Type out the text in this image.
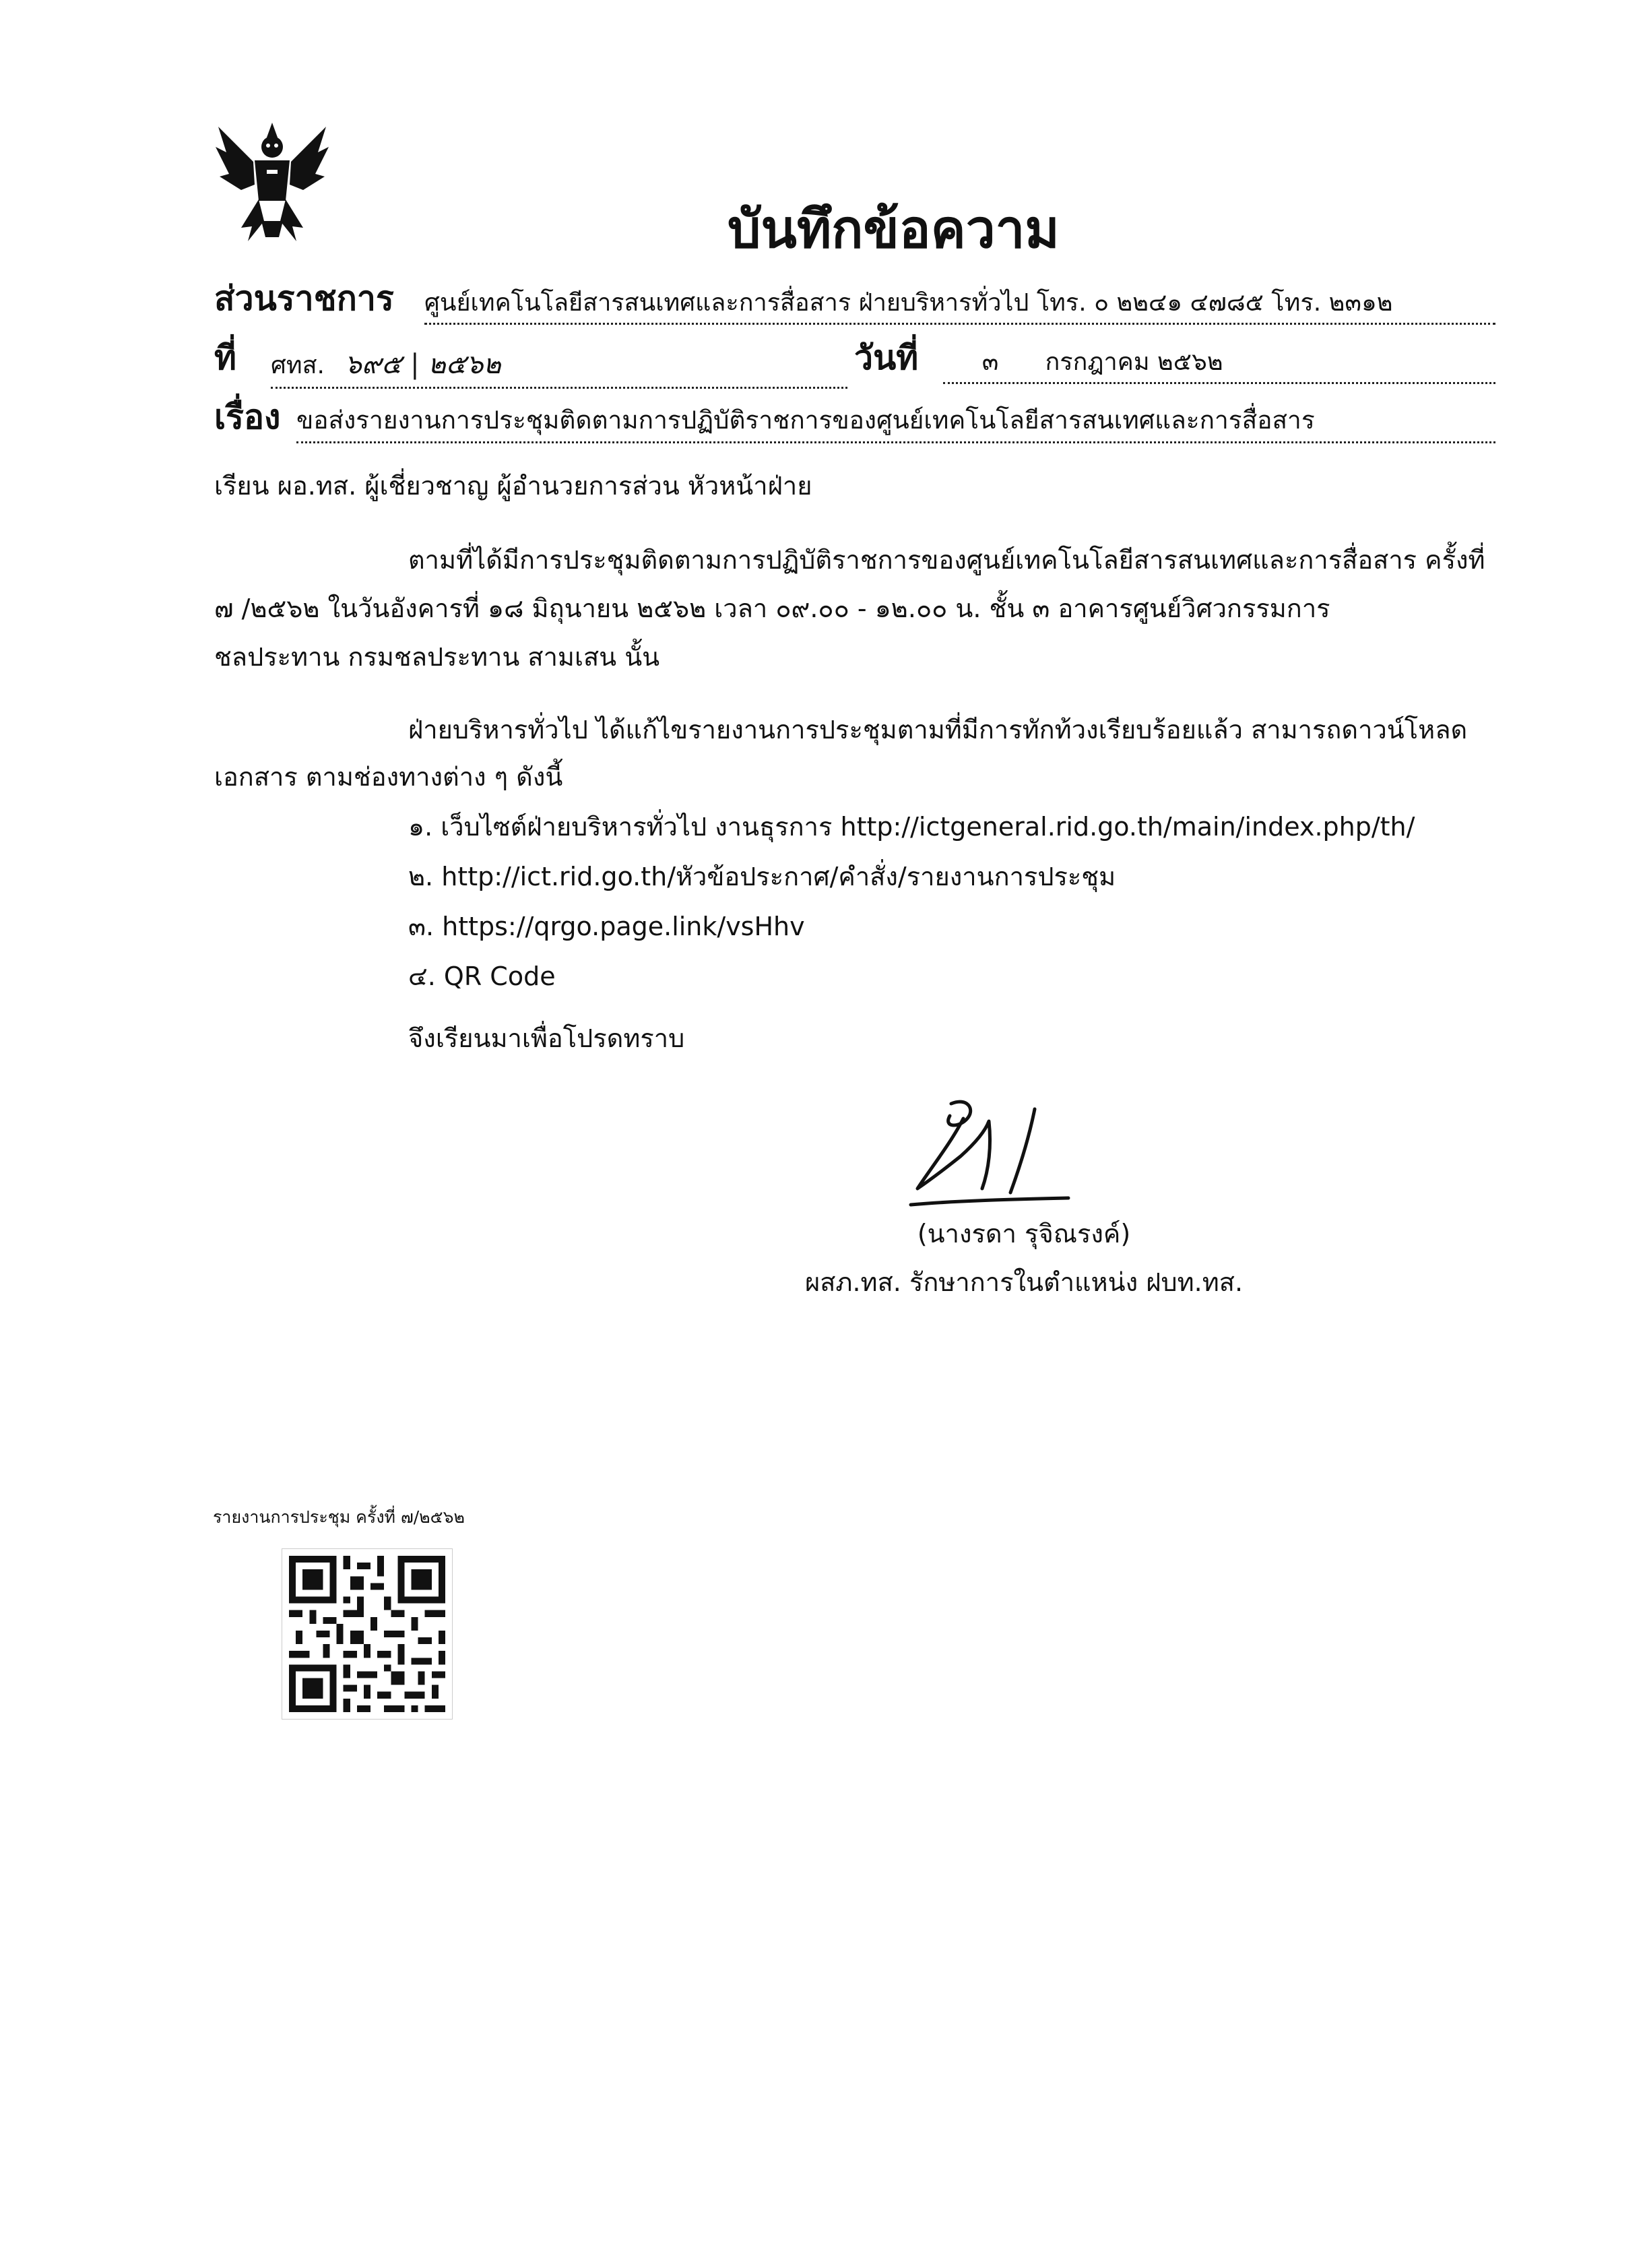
บันทึกข้อความ
ส่วนราชการ ศูนย์เทคโนโลยีสารสนเทศและการสื่อสาร ฝ่ายบริหารทั่วไป โทร. ๐ ๒๒๔๑ ๔๗๘๕ โทร. ๒๓๑๒
ที่ ศทส. ๖๙๕ | ๒๕๖๒	วันที่	๓ กรกฎาคม ๒๕๖๒
เรื่อง ขอส่งรายงานการประชุมติดตามการปฏิบัติราชการของศูนย์เทคโนโลยีสารสนเทศและการสื่อสาร
เรียน ผอ.ทส. ผู้เชี่ยวชาญ ผู้อำนวยการส่วน หัวหน้าฝ่าย
ตามที่ได้มีการประชุมติดตามการปฏิบัติราชการของศูนย์เทคโนโลยีสารสนเทศและการสื่อสาร ครั้งที่
๗ /๒๕๖๒ ในวันอังคารที่ ๑๘ มิถุนายน ๒๕๖๒ เวลา ๐๙.๐๐ - ๑๒.๐๐ น. ชั้น ๓ อาคารศูนย์วิศวกรรมการ
ชลประทาน กรมชลประทาน สามเสน นั้น
ฝ่ายบริหารทั่วไป ได้แก้ไขรายงานการประชุมตามที่มีการทักท้วงเรียบร้อยแล้ว สามารถดาวน์โหลด
เอกสาร ตามช่องทางต่าง ๆ ดังนี้
๑. เว็บไซต์ฝ่ายบริหารทั่วไป งานธุรการ http://ictgeneral.rid.go.th/main/index.php/th/
๒. http://ict.rid.go.th/หัวข้อประกาศ/คำสั่ง/รายงานการประชุม
๓. https://qrgo.page.link/vsHhv
๔. QR Code
จึงเรียนมาเพื่อโปรดทราบ
(นางรดา รุจิณรงค์)
ผสภ.ทส. รักษาการในตำแหน่ง ฝบท.ทส.
รายงานการประชุม ครั้งที่ ๗/๒๕๖๒
